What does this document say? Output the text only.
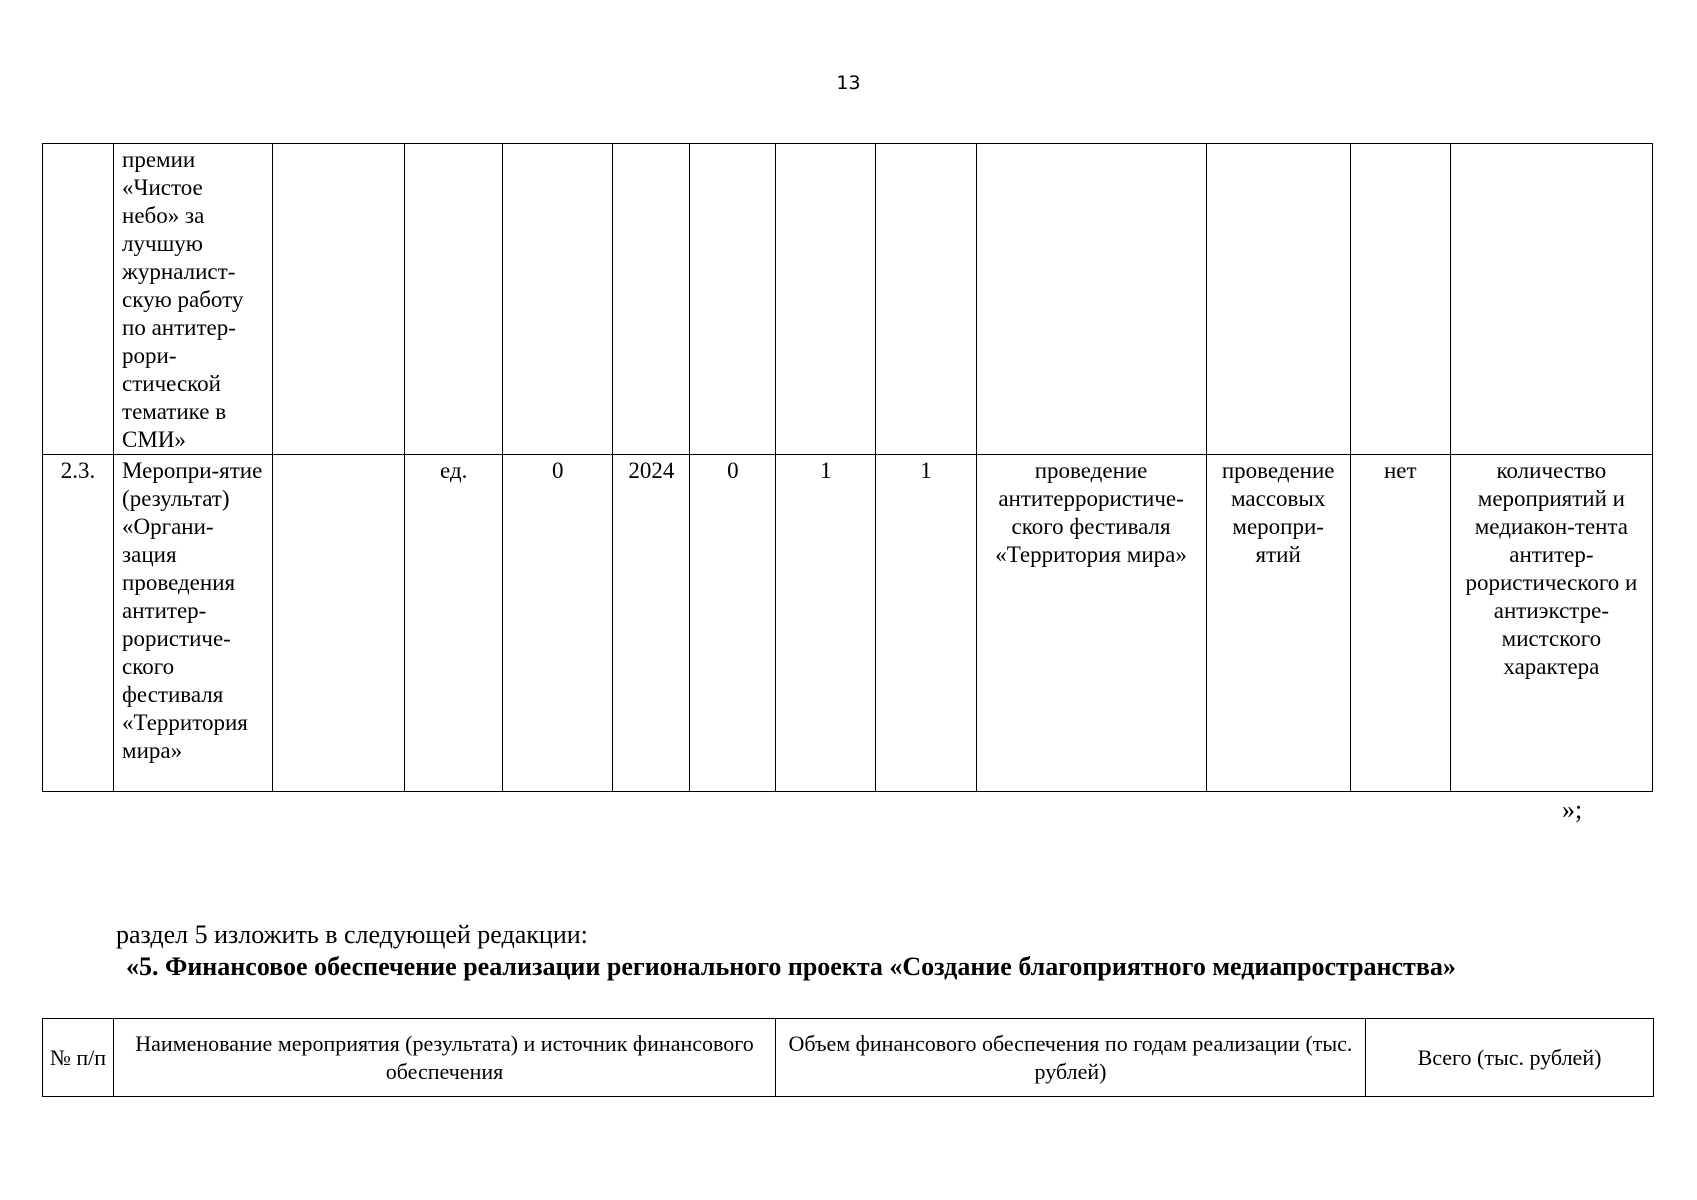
13
	премии «Чистое небо» за лучшую журналист-скую работу по антитер-рори-стической тематике в СМИ»											
2.3.	Меропри-ятие (результат) «Органи-зация проведения антитер-рористиче-ского фестиваля «Территория мира»		ед.	0	2024	0	1	1	проведение антитеррористиче-ского фестиваля «Территория мира»	проведение массовых меропри-ятий	нет	количество мероприятий и медиакон-тента антитер-рористического и антиэкстре-мистского характера
»;
раздел 5 изложить в следующей редакции:
«5. Финансовое обеспечение реализации регионального проекта «Создание благоприятного медиапространства»
№ п/п	Наименование мероприятия (результата) и источник финансового обеспечения	Объем финансового обеспечения по годам реализации (тыс. рублей)	Всего (тыс. рублей)
